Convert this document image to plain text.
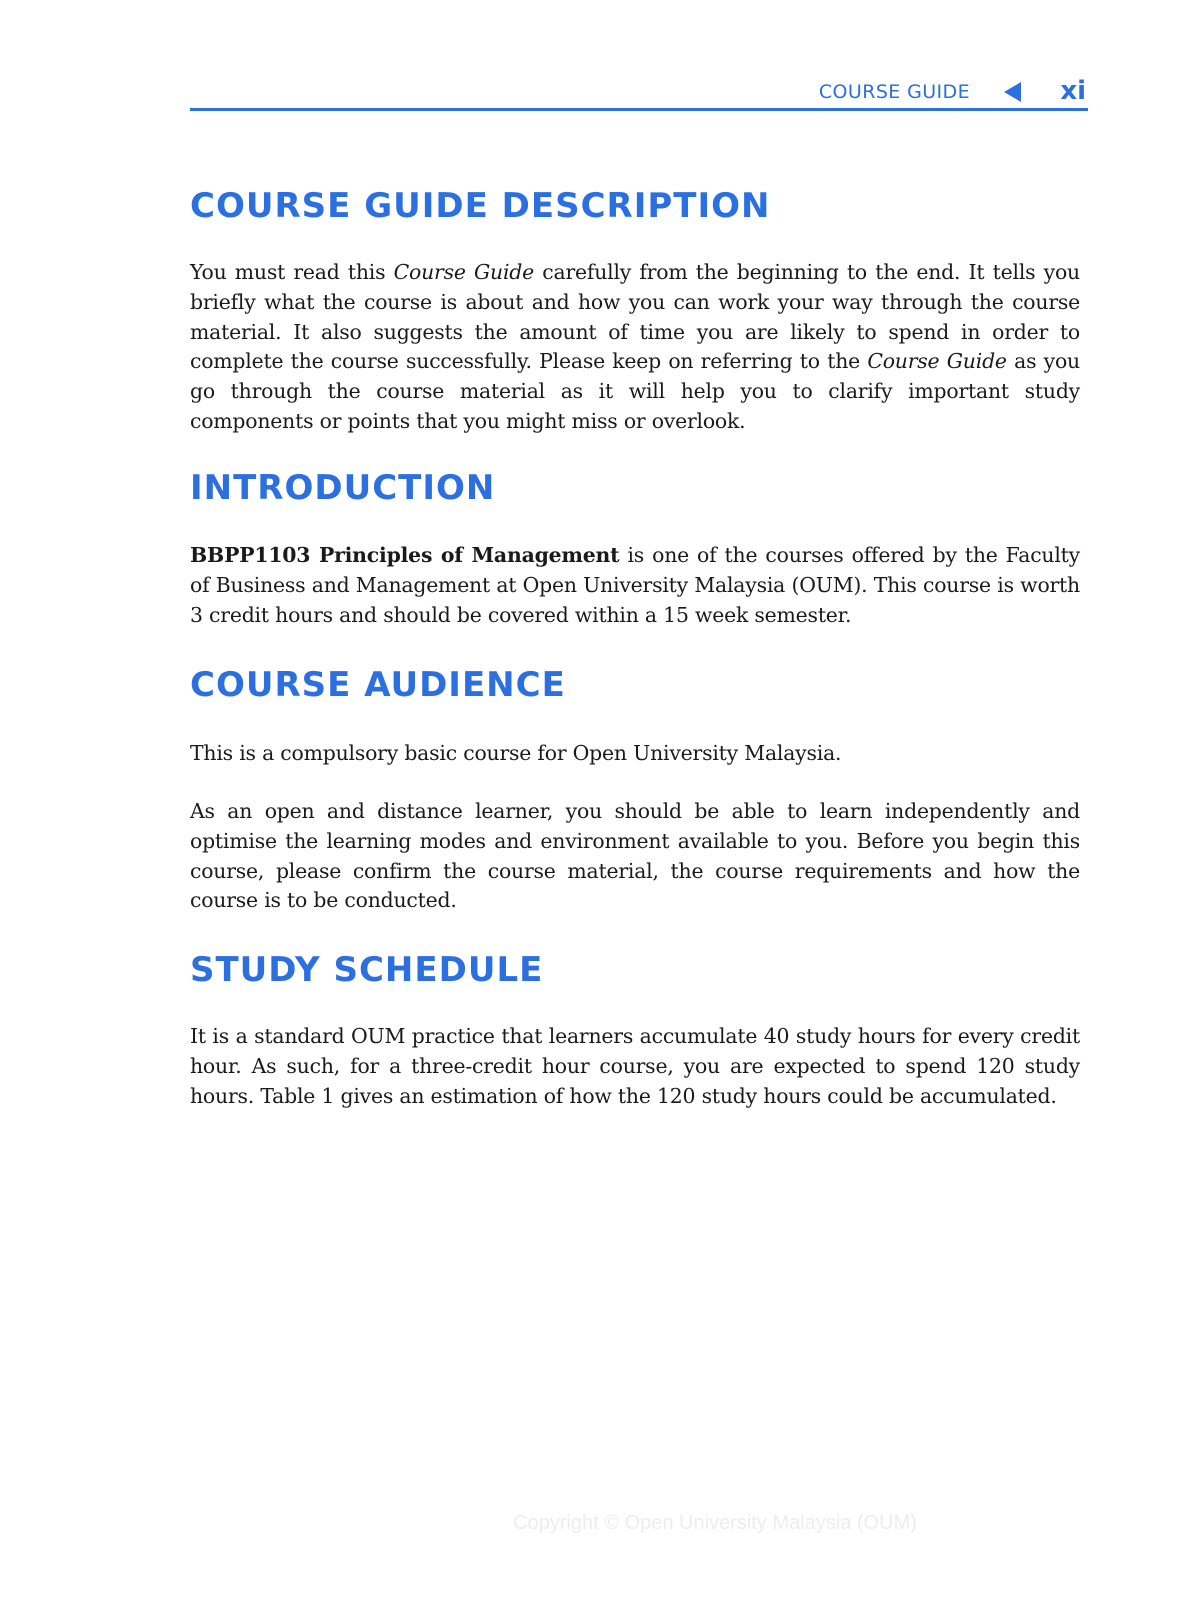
COURSE GUIDE	xi
COURSE GUIDE DESCRIPTION

You must read this Course Guide carefully from the beginning to the end. It tells you briefly what the course is about and how you can work your way through the course material. It also suggests the amount of time you are likely to spend in order to complete the course successfully. Please keep on referring to the Course Guide as you go through the course material as it will help you to clarify important study components or points that you might miss or overlook.

INTRODUCTION

BBPP1103 Principles of Management is one of the courses offered by the Faculty of Business and Management at Open University Malaysia (OUM). This course is worth 3 credit hours and should be covered within a 15 week semester.

COURSE AUDIENCE

This is a compulsory basic course for Open University Malaysia.

As an open and distance learner, you should be able to learn independently and optimise the learning modes and environment available to you. Before you begin this course, please confirm the course material, the course requirements and how the course is to be conducted.

STUDY SCHEDULE

It is a standard OUM practice that learners accumulate 40 study hours for every credit hour. As such, for a three-credit hour course, you are expected to spend 120 study hours. Table 1 gives an estimation of how the 120 study hours could be accumulated.

Copyright © Open University Malaysia (OUM)
